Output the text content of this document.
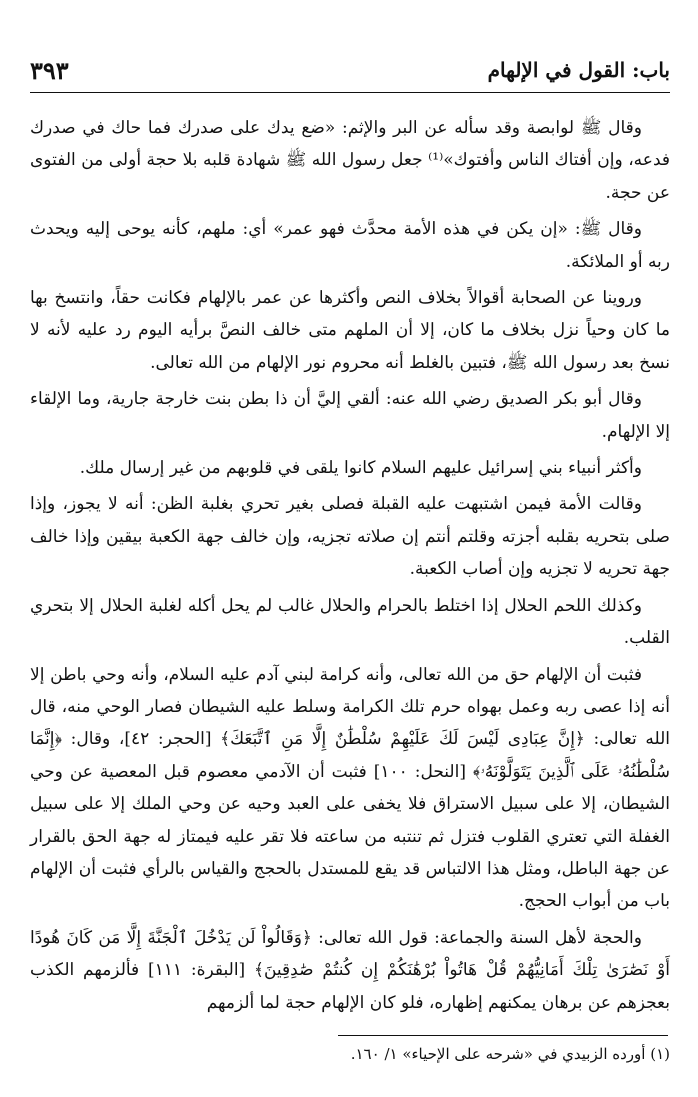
باب: القول في الإلهام
٣٩٣

وقال ﷺ لوابصة وقد سأله عن البر والإثم: «ضع يدك على صدرك فما حاك في صدرك فدعه، وإن أفتاك الناس وأفتوك»⁽¹⁾ جعل رسول الله ﷺ شهادة قلبه بلا حجة أولى من الفتوى عن حجة.

وقال ﷺ: «إن يكن في هذه الأمة محدَّث فهو عمر» أي: ملهم، كأنه يوحى إليه ويحدث ربه أو الملائكة.

وروينا عن الصحابة أقوالاً بخلاف النص وأكثرها عن عمر بالإلهام فكانت حقاً، وانتسخ بها ما كان وحياً نزل بخلاف ما كان، إلا أن الملهم متى خالف النصَّ برأيه اليوم رد عليه لأنه لا نسخ بعد رسول الله ﷺ، فتبين بالغلط أنه محروم نور الإلهام من الله تعالى.

وقال أبو بكر الصديق رضي الله عنه: ألقي إليَّ أن ذا بطن بنت خارجة جارية، وما الإلقاء إلا الإلهام.

وأكثر أنبياء بني إسرائيل عليهم السلام كانوا يلقى في قلوبهم من غير إرسال ملك.

وقالت الأمة فيمن اشتبهت عليه القبلة فصلى بغير تحري بغلبة الظن: أنه لا يجوز، وإذا صلى بتحريه بقلبه أجزته وقلتم أنتم إن صلاته تجزيه، وإن خالف جهة الكعبة بيقين وإذا خالف جهة تحريه لا تجزيه وإن أصاب الكعبة.

وكذلك اللحم الحلال إذا اختلط بالحرام والحلال غالب لم يحل أكله لغلبة الحلال إلا بتحري القلب.

فثبت أن الإلهام حق من الله تعالى، وأنه كرامة لبني آدم عليه السلام، وأنه وحي باطن إلا أنه إذا عصى ربه وعمل بهواه حرم تلك الكرامة وسلط عليه الشيطان فصار الوحي منه، قال الله تعالى: ﴿إِنَّ عِبَادِى لَيْسَ لَكَ عَلَيْهِمْ سُلْطَٰنٌ إِلَّا مَنِ ٱتَّبَعَكَ﴾ [الحجر: ٤٢]، وقال: ﴿إِنَّمَا سُلْطَٰنُهُۥ عَلَى ٱلَّذِينَ يَتَوَلَّوْنَهُۥ﴾ [النحل: ١٠٠] فثبت أن الآدمي معصوم قبل المعصية عن وحي الشيطان، إلا على سبيل الاستراق فلا يخفى على العبد وحيه عن وحي الملك إلا على سبيل الغفلة التي تعتري القلوب فتزل ثم تنتبه من ساعته فلا تقر عليه فيمتاز له جهة الحق بالقرار عن جهة الباطل، ومثل هذا الالتباس قد يقع للمستدل بالحجج والقياس بالرأي فثبت أن الإلهام باب من أبواب الحجج.

والحجة لأهل السنة والجماعة: قول الله تعالى: ﴿وَقَالُواْ لَن يَدْخُلَ ٱلْجَنَّةَ إِلَّا مَن كَانَ هُودًا أَوْ نَصَٰرَىٰ تِلْكَ أَمَانِيُّهُمْ قُلْ هَاتُواْ بُرْهَٰنَكُمْ إِن كُنتُمْ صَٰدِقِينَ﴾ [البقرة: ١١١] فألزمهم الكذب بعجزهم عن برهان يمكنهم إظهاره، فلو كان الإلهام حجة لما ألزمهم

(١) أورده الزبيدي في «شرحه على الإحياء» ١/ ١٦٠.
